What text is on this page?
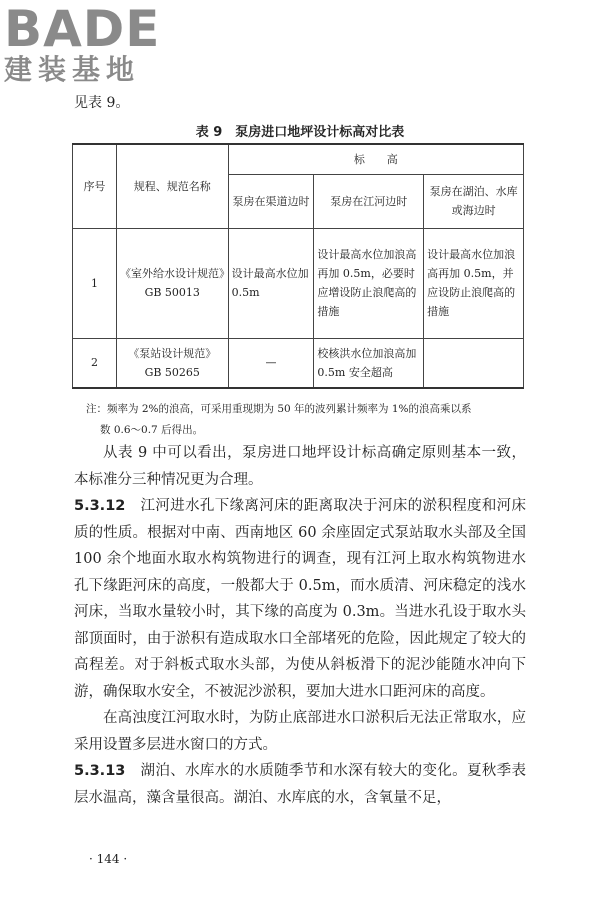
BADE
建装基地
见表 9。
表 9　泵房进口地坪设计标高对比表
序号	规程、规范名称	标　　高		
		泵房在渠道边时	泵房在江河边时	泵房在湖泊、水库或海边时
1	《室外给水设计规范》GB 50013	设计最高水位加 0.5m	设计最高水位加浪高再加 0.5m，必要时应增设防止浪爬高的措施	设计最高水位加浪高再加 0.5m，并应设防止浪爬高的措施
2	《泵站设计规范》GB 50265	—	校核洪水位加浪高加 0.5m 安全超高	
注：频率为 2%的浪高，可采用重现期为 50 年的波列累计频率为 1%的浪高乘以系
数 0.6～0.7 后得出。
从表 9 中可以看出，泵房进口地坪设计标高确定原则基本一致，本标准分三种情况更为合理。
5.3.12　江河进水孔下缘离河床的距离取决于河床的淤积程度和河床质的性质。根据对中南、西南地区 60 余座固定式泵站取水头部及全国 100 余个地面水取水构筑物进行的调查，现有江河上取水构筑物进水孔下缘距河床的高度，一般都大于 0.5m，而水质清、河床稳定的浅水河床，当取水量较小时，其下缘的高度为 0.3m。当进水孔设于取水头部顶面时，由于淤积有造成取水口全部堵死的危险，因此规定了较大的高程差。对于斜板式取水头部，为使从斜板滑下的泥沙能随水冲向下游，确保取水安全，不被泥沙淤积，要加大进水口距河床的高度。
在高浊度江河取水时，为防止底部进水口淤积后无法正常取水，应采用设置多层进水窗口的方式。
5.3.13　湖泊、水库水的水质随季节和水深有较大的变化。夏秋季表层水温高，藻含量很高。湖泊、水库底的水，含氧量不足，
· 144 ·
